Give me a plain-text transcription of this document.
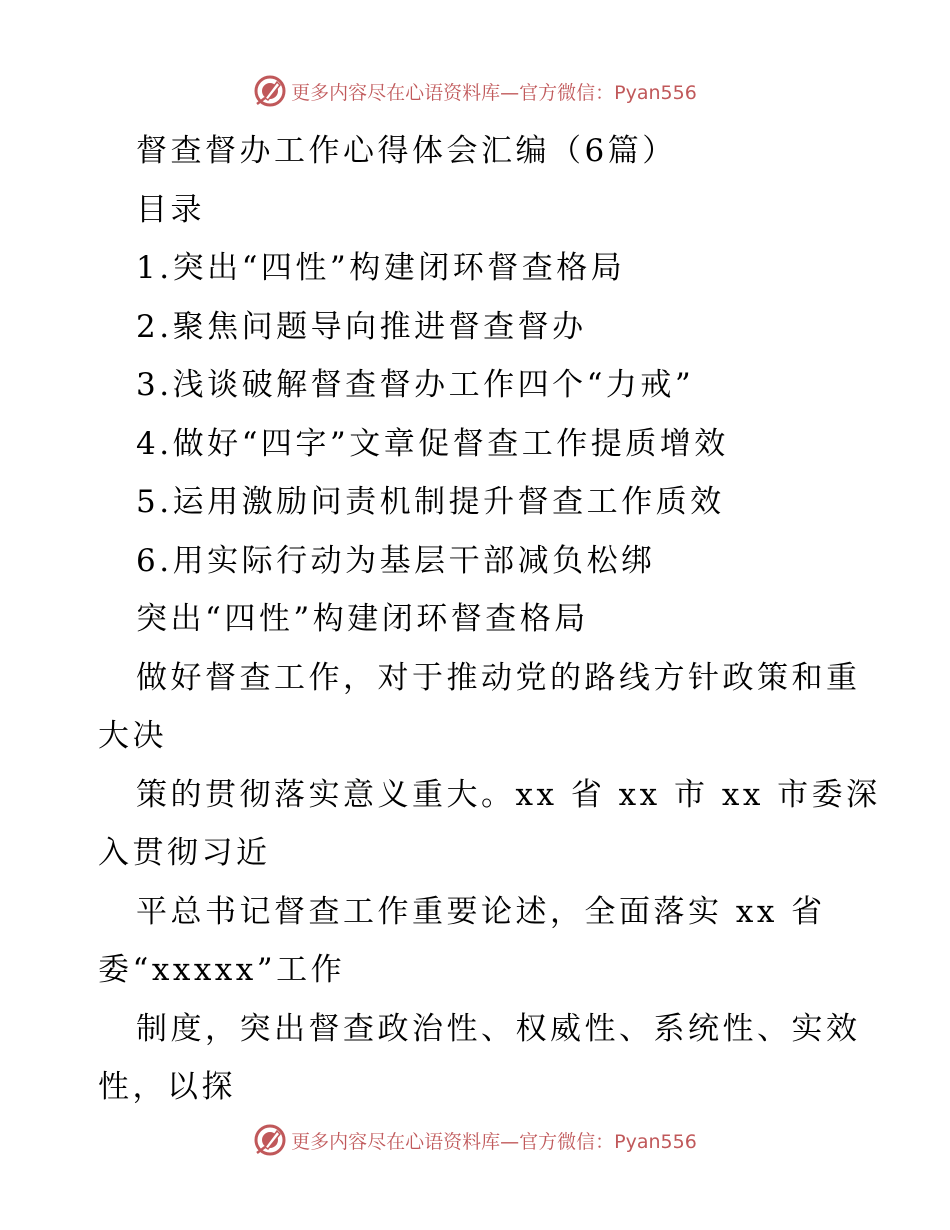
更多内容尽在心语资料库—官方微信：Pyan556
督查督办工作心得体会汇编（6篇）
目录
1.突出“四性”构建闭环督查格局
2.聚焦问题导向推进督查督办
3.浅谈破解督查督办工作四个“力戒”
4.做好“四字”文章促督查工作提质增效
5.运用激励问责机制提升督查工作质效
6.用实际行动为基层干部减负松绑
突出“四性”构建闭环督查格局
做好督查工作，对于推动党的路线方针政策和重
大决
策的贯彻落实意义重大。xx 省 xx 市 xx 市委深
入贯彻习近
平总书记督查工作重要论述，全面落实 xx 省
委“xxxxx”工作
制度，突出督查政治性、权威性、系统性、实效
性，以探
更多内容尽在心语资料库—官方微信：Pyan556
